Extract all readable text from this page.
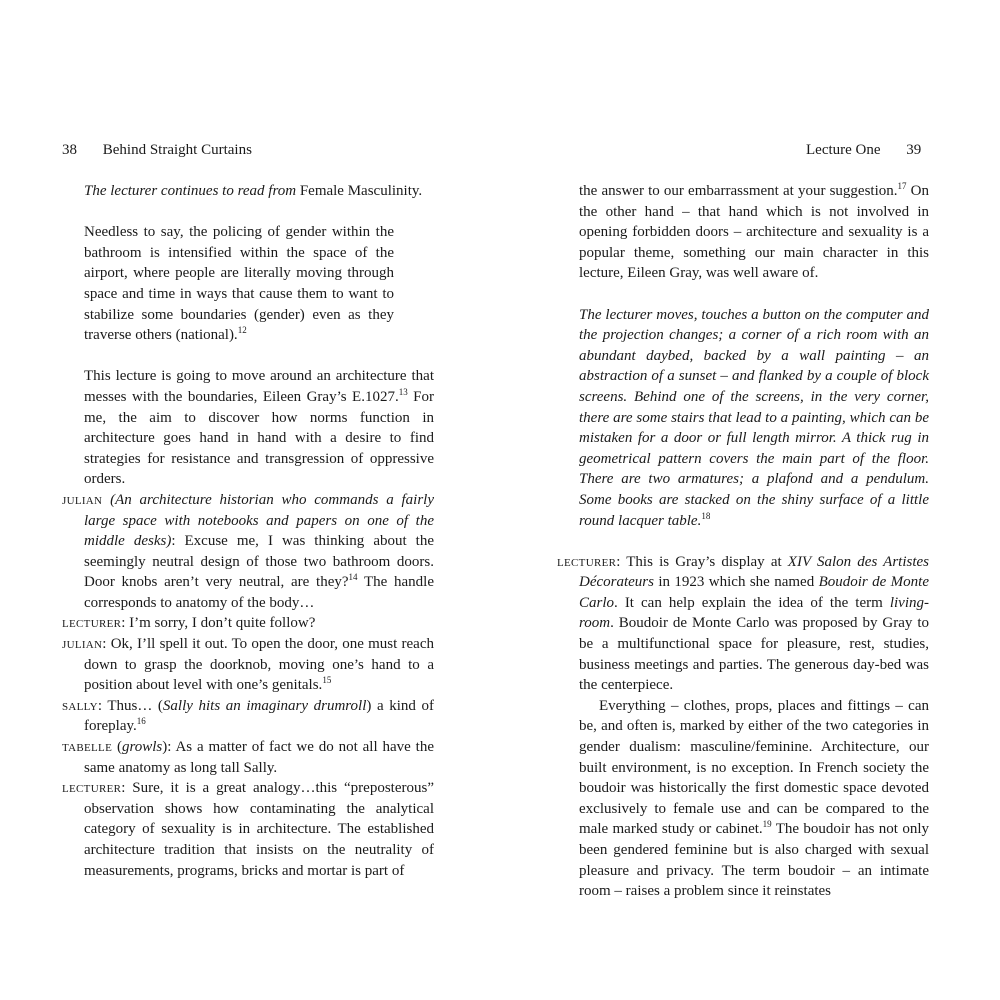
38 Behind Straight Curtains	Lecture One 39

The lecturer continues to read from Female Masculinity.

Needless to say, the policing of gender within the bathroom is intensified within the space of the airport, where people are literally moving through space and time in ways that cause them to want to stabilize some boundaries (gender) even as they traverse others (national).$^{12}$

This lecture is going to move around an architecture that messes with the boundaries, Eileen Gray’s E.1027.13 For me, the aim to discover how norms function in architecture goes hand in hand with a desire to find strategies for resistance and transgression of oppressive orders.

julian (An architecture historian who commands a fairly large space with notebooks and papers on one of the middle desks): Excuse me, I was thinking about the seemingly neutral design of those two bathroom doors. Door knobs aren’t very neutral, are they?$^{14}$ The handle corresponds to anatomy of the body…

lecturer: I’m sorry, I don’t quite follow?

julian: Ok, I’ll spell it out. To open the door, one must reach down to grasp the doorknob, moving one’s hand to a position about level with one’s genitals.$^{15}$

sally: Thus… (Sally hits an imaginary drumroll) a kind of foreplay.$^{16}$

tabelle (growls): As a matter of fact we do not all have the same anatomy as long tall Sally.

lecturer: Sure, it is a great analogy…this “preposterous” observation shows how contaminating the analytical category of sexuality is in architecture. The established architecture tradition that insists on the neutrality of measurements, programs, bricks and mortar is part of

the answer to our embarrassment at your suggestion.$^{17}$ On the other hand – that hand which is not involved in opening forbidden doors – architecture and sexuality is a popular theme, something our main character in this lecture, Eileen Gray, was well aware of.

The lecturer moves, touches a button on the computer and the projection changes; a corner of a rich room with an abundant daybed, backed by a wall painting – an abstraction of a sunset – and flanked by a couple of block screens. Behind one of the screens, in the very corner, there are some stairs that lead to a painting, which can be mistaken for a door or full length mirror. A thick rug in geometrical pattern covers the main part of the floor. There are two armatures; a plafond and a pendulum. Some books are stacked on the shiny surface of a little round lacquer table.$^{18}$

lecturer: This is Gray’s display at XIV Salon des Artistes Décorateurs in 1923 which she named Boudoir de Monte Carlo. It can help explain the idea of the term living-room. Boudoir de Monte Carlo was proposed by Gray to be a multifunctional space for pleasure, rest, studies, business meetings and parties. The generous day-bed was the centerpiece.

Everything – clothes, props, places and fittings – can be, and often is, marked by either of the two categories in gender dualism: masculine/feminine. Architecture, our built environment, is no exception. In French society the boudoir was historically the first domestic space devoted exclusively to female use and can be compared to the male marked study or cabinet.$^{19}$ The boudoir has not only been gendered feminine but is also charged with sexual pleasure and privacy. The term boudoir – an intimate room – raises a problem since it reinstates
